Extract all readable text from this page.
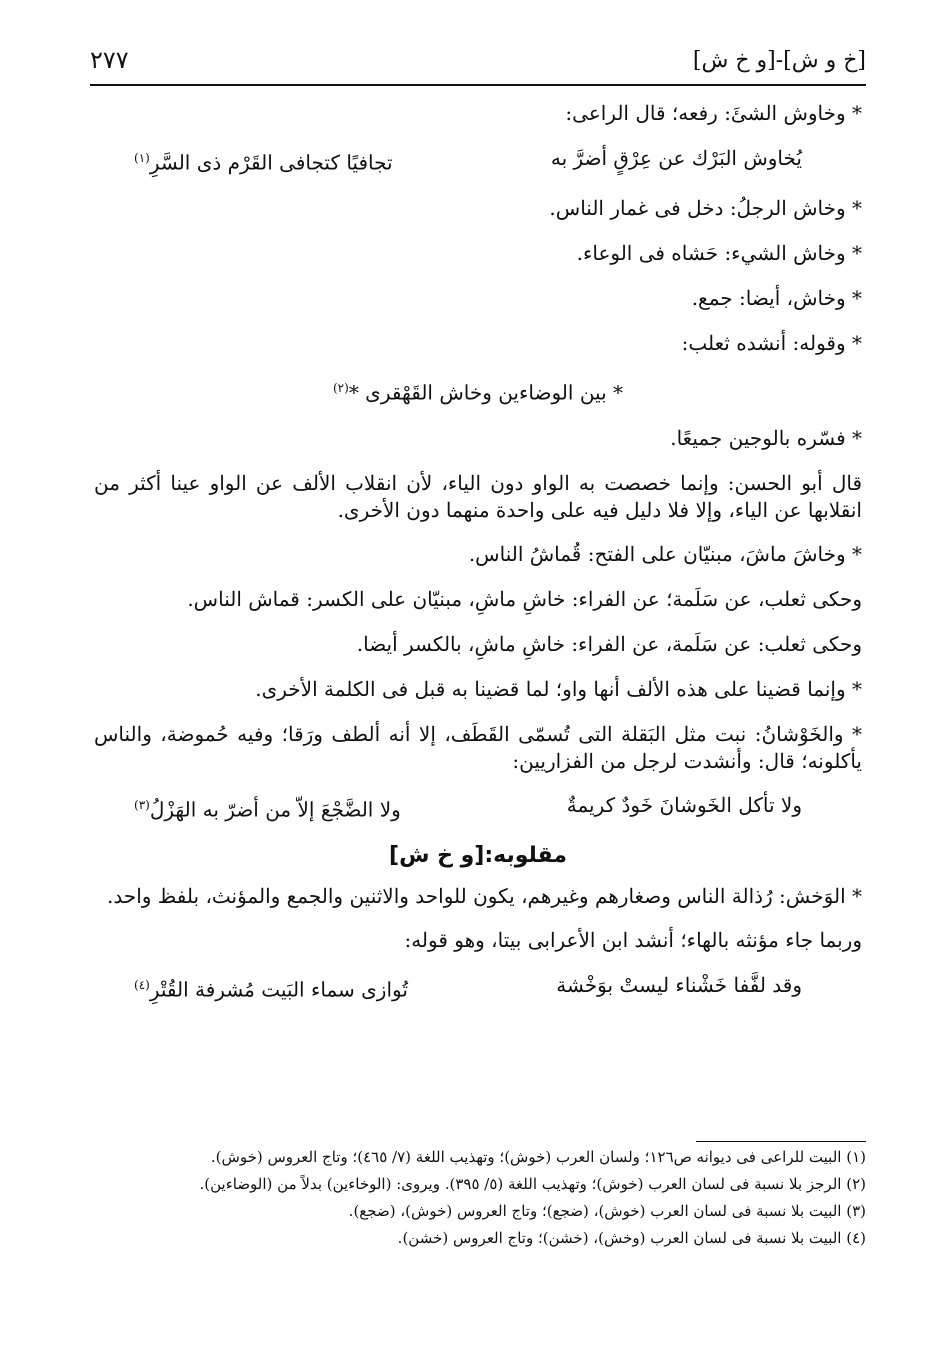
[خ و ش]-[و خ ش]
٢٧٧
* وخاوش الشئَ: رفعه؛ قال الراعى:
يُخاوش البَرْك عن عِرْقٍ أضرَّ به
تجافيًا كتجافى القَرْم ذى السَّرِ$^{(١)}$
* وخاش الرجلُ: دخل فى غمار الناس.
* وخاش الشيء: حَشاه فى الوعاء.
* وخاش، أيضا: جمع.
* وقوله: أنشده ثعلب:
* بين الوضاءين وخاش القَهْقرى *$^{(٢)}$
* فسّره بالوجين جميعًا.
قال أبو الحسن: وإنما خصصت به الواو دون الياء، لأن انقلاب الألف عن الواو عينا أكثر من انقلابها عن الياء، وإلا فلا دليل فيه على واحدة منهما دون الأخرى.
* وخاشَ ماشَ، مبنيّان على الفتح: قُماشُ الناس.
وحكى ثعلب، عن سَلَمة؛ عن الفراء: خاشِ ماشِ، مبنيّان على الكسر: قماش الناس.
وحكى ثعلب: عن سَلَمة، عن الفراء: خاشِ ماشِ، بالكسر أيضا.
* وإنما قضينا على هذه الألف أنها واو؛ لما قضينا به قبل فى الكلمة الأخرى.
* والخَوْشانُ: نبت مثل البَقلة التى تُسمّى القَطَف، إلا أنه ألطف ورَقا؛ وفيه حُموضة، والناس يأكلونه؛ قال: وأنشدت لرجل من الفزاريين:
ولا تأكل الخَوشانَ خَودٌ كريمةٌ
ولا الضَّجْعَ إلاّ من أضرّ به الهَزْلُ$^{(٣)}$
مقلوبه:[و خ ش]
* الوَخش: رُذالة الناس وصغارهم وغيرهم، يكون للواحد والاثنين والجمع والمؤنث، بلفظ واحد.
وربما جاء مؤنثه بالهاء؛ أنشد ابن الأعرابى بيتا، وهو قوله:
وقد لفَّفا خَشْناء ليستْ بوَخْشة
تُوازى سماء البَيت مُشرفة القُتْرِ$^{(٤)}$
(١) البيت للراعى فى ديوانه ص١٢٦؛ ولسان العرب (خوش)؛ وتهذيب اللغة (٧/ ٤٦٥)؛ وتاج العروس (خوش).
(٢) الرجز بلا نسبة فى لسان العرب (خوش)؛ وتهذيب اللغة (٥/ ٣٩٥). ويروى: (الوخاءين) بدلاً من (الوضاءين).
(٣) البيت بلا نسبة فى لسان العرب (خوش)، (ضجع)؛ وتاج العروس (خوش)، (ضجع).
(٤) البيت بلا نسبة فى لسان العرب (وخش)، (خشن)؛ وتاج العروس (خشن).
